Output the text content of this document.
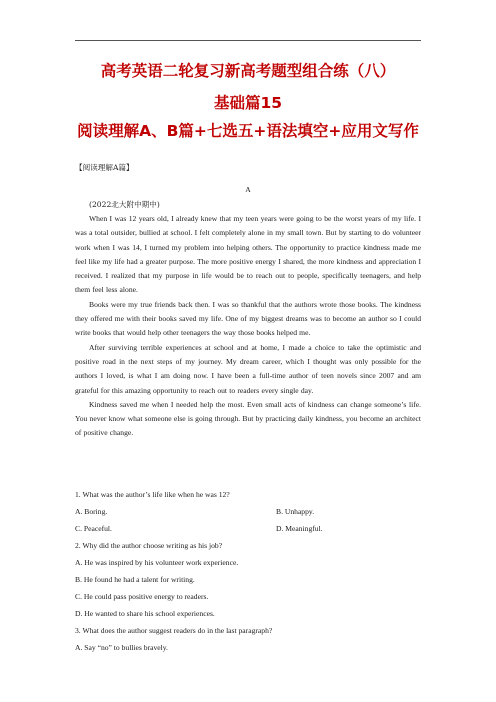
高考英语二轮复习新高考题型组合练（八）
基础篇15
阅读理解A、B篇+七选五+语法填空+应用文写作
【阅读理解A篇】
A
(2022北大附中期中)

When I was 12 years old, I already knew that my teen years were going to be the worst years of my life. I was a total outsider, bullied at school. I felt completely alone in my small town. But by starting to do volunteer work when I was 14, I turned my problem into helping others. The opportunity to practice kindness made me feel like my life had a greater purpose. The more positive energy I shared, the more kindness and appreciation I received. I realized that my purpose in life would be to reach out to people, specifically teenagers, and help them feel less alone.

Books were my true friends back then. I was so thankful that the authors wrote those books. The kindness they offered me with their books saved my life. One of my biggest dreams was to become an author so I could write books that would help other teenagers the way those books helped me.

After surviving terrible experiences at school and at home, I made a choice to take the optimistic and positive road in the next steps of my journey. My dream career, which I thought was only possible for the authors I loved, is what I am doing now. I have been a full-time author of teen novels since 2007 and am grateful for this amazing opportunity to reach out to readers every single day.

Kindness saved me when I needed help the most. Even small acts of kindness can change someone’s life. You never know what someone else is going through. But by practicing daily kindness, you become an architect of positive change.

1. What was the author’s life like when he was 12?

A. Boring.	B. Unhappy.
C. Peaceful.	D. Meaningful.

2. Why did the author choose writing as his job?

A. He was inspired by his volunteer work experience.

B. He found he had a talent for writing.

C. He could pass positive energy to readers.

D. He wanted to share his school experiences.

3. What does the author suggest readers do in the last paragraph?

A. Say “no” to bullies bravely.
